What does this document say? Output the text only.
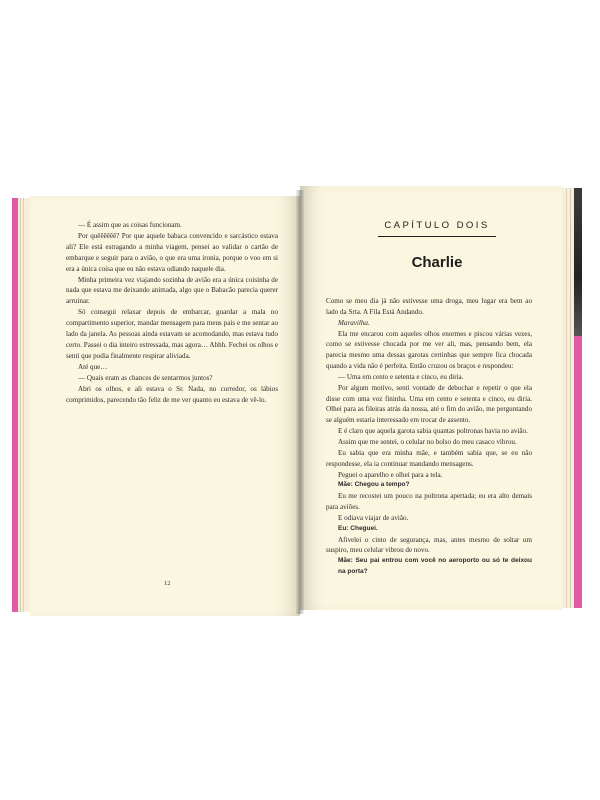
— É assim que as coisas funcionam.

Por quêêêêêê? Por que aquele babaca convencido e sarcástico estava ali? Ele está estragando a minha viagem, pensei ao validar o cartão de embarque e seguir para o avião, o que era uma ironia, porque o voo em si era a única coisa que eu não estava odiando naquele dia.

Minha primeira vez viajando sozinha de avião era a única coisinha de nada que estava me deixando animada, algo que o Babacão parecia querer arruinar.

Só consegui relaxar depois de embarcar, guardar a mala no compartimento superior, mandar mensagem para meus pais e me sentar ao lado da janela. As pessoas ainda estavam se acomodando, mas estava tudo certo. Passei o dia inteiro estressada, mas agora… Ahhh. Fechei os olhos e senti que podia finalmente respirar aliviada.

Até que…

— Quais eram as chances de sentarmos juntos?

Abri os olhos, e ali estava o Sr. Nada, no corredor, os lábios comprimidos, parecendo tão feliz de me ver quanto eu estava de vê-lo.

12
CAPÍTULO DOIS
Charlie

Como se meu dia já não estivesse uma droga, meu lugar era bem ao lado da Srta. A Fila Está Andando.

Maravilha.

Ela me encarou com aqueles olhos enormes e piscou várias vezes, como se estivesse chocada por me ver ali, mas, pensando bem, ela parecia mesmo uma dessas garotas certinhas que sempre fica chocada quando a vida não é perfeita. Então cruzou os braços e respondeu:

— Uma em cento e setenta e cinco, eu diria.

Por algum motivo, senti vontade de debochar e repetir o que ela disse com uma voz fininha. Uma em cento e setenta e cinco, eu diria. Olhei para as fileiras atrás da nossa, até o fim do avião, me perguntando se alguém estaria interessado em trocar de assento.

E é claro que aquela garota sabia quantas poltronas havia no avião.

Assim que me sentei, o celular no bolso do meu casaco vibrou.

Eu sabia que era minha mãe, e também sabia que, se eu não respondesse, ela ia continuar mandando mensagens.

Peguei o aparelho e olhei para a tela.

Mãe: Chegou a tempo?

Eu me recostei um pouco na poltrona apertada; eu era alto demais para aviões.

E odiava viajar de avião.

Eu: Cheguei.

Afivelei o cinto de segurança, mas, antes mesmo de soltar um suspiro, meu celular vibrou de novo.

Mãe: Seu pai entrou com você no aeroporto ou só te deixou na porta?
